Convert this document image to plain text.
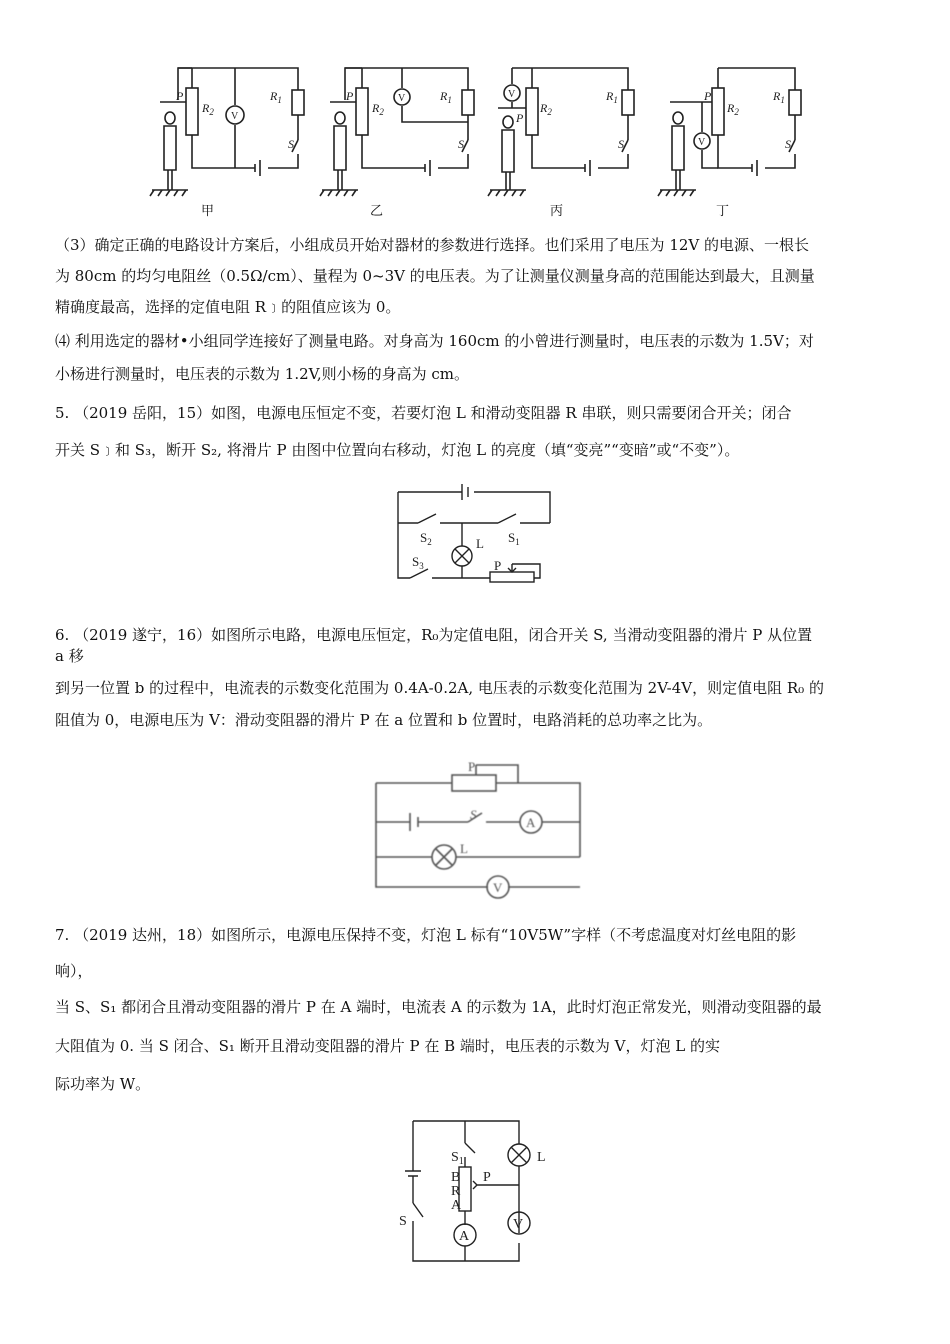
P
$R_2$
$R_1$
S
V
P
$R_2$
$R_1$
S
V
P
$R_2$
$R_1$
S
V	P
$R_2$
$R_1$
S
V
甲	乙	丙	丁
（3）确定正确的电路设计方案后，小组成员开始对器材的参数进行选择。也们采用了电压为 12V 的电源、一根长
为 80cm 的均匀电阻丝（0.5Ω/cm）、量程为 0~3V 的电压表。为了让测量仪测量身高的范围能达到最大，且测量
精确度最高，选择的定值电阻 R﹞的阻值应该为 0。
⑷ 利用选定的器材•小组同学连接好了测量电路。对身高为 160cm 的小曾进行测量时，电压表的示数为 1.5V；对
小杨进行测量时，电压表的示数为 1.2V,则小杨的身高为 cm。
5. （2019 岳阳，15）如图，电源电压恒定不变，若要灯泡 L 和滑动变阻器 R 串联，则只需要闭合开关；闭合
开关 S﹞和 S₃，断开 S₂, 将滑片 P 由图中位置向右移动，灯泡 L 的亮度（填“变亮”“变暗”或“不变”）。
$S_2$	$S_1$
L
$S_3$	P
6. （2019 遂宁，16）如图所示电路，电源电压恒定，R₀为定值电阻，闭合开关 S, 当滑动变阻器的滑片 P 从位置
a 移
到另一位置 b 的过程中，电流表的示数变化范围为 0.4A-0.2A, 电压表的示数变化范围为 2V-4V，则定值电阻 R₀ 的
阻值为 0，电源电压为 V：滑动变阻器的滑片 P 在 a 位置和 b 位置时，电路消耗的总功率之比为。
P
S
A
L
V
7. （2019 达州，18）如图所示，电源电压保持不变，灯泡 L 标有“10V5W”字样（不考虑温度对灯丝电阻的影
响），
当 S、S₁ 都闭合且滑动变阻器的滑片 P 在 A 端时，电流表 A 的示数为 1A，此时灯泡正常发光，则滑动变阻器的最
大阻值为 0. 当 S 闭合、S₁ 断开且滑动变阻器的滑片 P 在 B 端时，电压表的示数为 V，灯泡 L 的实
际功率为 W。
$S_1$
B
R
A
P
L
S
A
V
